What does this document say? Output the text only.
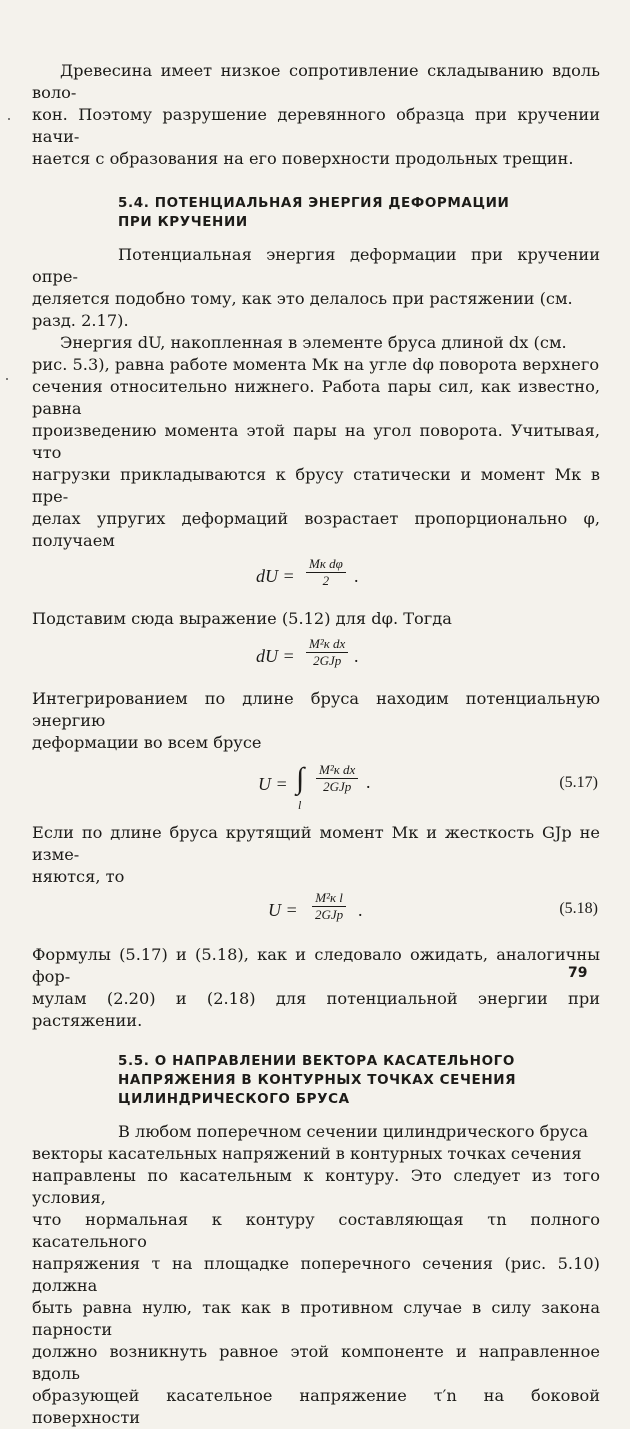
Древесина имеет низкое сопротивление складыванию вдоль воло-

кон. Поэтому разрушение деревянного образца при кручении начи-

нается с образования на его поверхности продольных трещин.

5.4. ПОТЕНЦИАЛЬНАЯ ЭНЕРГИЯ ДЕФОРМАЦИИ
ПРИ КРУЧЕНИИ

Потенциальная энергия деформации при кручении опре-

деляется подобно тому, как это делалось при растяжении (см.

разд. 2.17).

Энергия dU, накопленная в элементе бруса длиной dx (см.

рис. 5.3), равна работе момента Mк на угле dφ поворота верхнего

сечения относительно нижнего. Работа пары сил, как известно, равна

произведению момента этой пары на угол поворота. Учитывая, что

нагрузки прикладываются к брусу статически и момент Mк в пре-

делах упругих деформаций возрастает пропорционально φ, получаем

dU =
Mк dφ
2	.

Подставим сюда выражение (5.12) для dφ. Тогда

dU =
M²к dx
2GJp .

Интегрированием по длине бруса находим потенциальную энергию

деформации во всем брусе

U = ∫
l
M²к dx
2GJp .	(5.17)

Если по длине бруса крутящий момент Mк и жесткость GJp не изме-

няются, то

U =
M²к l
2GJp .	(5.18)

Формулы (5.17) и (5.18), как и следовало ожидать, аналогичны фор-

мулам (2.20) и (2.18) для потенциальной энергии при растяжении.

5.5. О НАПРАВЛЕНИИ ВЕКТОРА КАСАТЕЛЬНОГО
НАПРЯЖЕНИЯ В КОНТУРНЫХ ТОЧКАХ СЕЧЕНИЯ
ЦИЛИНДРИЧЕСКОГО БРУСА

В любом поперечном сечении цилиндрического бруса

векторы касательных напряжений в контурных точках сечения

направлены по касательным к контуру. Это следует из того условия,

что нормальная к контуру составляющая τn полного касательного

напряжения τ на площадке поперечного сечения (рис. 5.10) должна

быть равна нулю, так как в противном случае в силу закона парности

должно возникнуть равное этой компоненте и направленное вдоль

образующей касательное напряжение τ′n на боковой поверхности

79
